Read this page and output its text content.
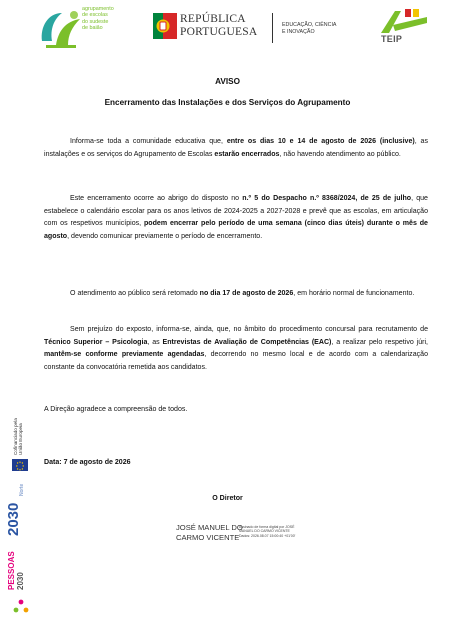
agrupamento
de escolas
do sudeste
de baião
REPÚBLICA
PORTUGUESA
EDUCAÇÃO, CIÊNCIA
E INOVAÇÃO
TEIP
AVISO
Encerramento das Instalações e dos Serviços do Agrupamento

Informa-se toda a comunidade educativa que, entre os dias 10 e 14 de agosto de 2026 (inclusive), as instalações e os serviços do Agrupamento de Escolas estarão encerrados, não havendo atendimento ao público.

Este encerramento ocorre ao abrigo do disposto no n.º 5 do Despacho n.º 8368/2024, de 25 de julho, que estabelece o calendário escolar para os anos letivos de 2024-2025 a 2027-2028 e prevê que as escolas, em articulação com os respetivos municípios, podem encerrar pelo período de uma semana (cinco dias úteis) durante o mês de agosto, devendo comunicar previamente o período de encerramento.

O atendimento ao público será retomado no dia 17 de agosto de 2026, em horário normal de funcionamento.

Sem prejuízo do exposto, informa-se, ainda, que, no âmbito do procedimento concursal para recrutamento de Técnico Superior – Psicologia, as Entrevistas de Avaliação de Competências (EAC), a realizar pelo respetivo júri, mantêm-se conforme previamente agendadas, decorrendo no mesmo local e de acordo com a calendarização constante da convocatória remetida aos candidatos.

A Direção agradece a compreensão de todos.

Data: 7 de agosto de 2026
O Diretor
JOSÉ MANUEL DO
CARMO VICENTE
Assinado de forma digital por JOSÉ
MANUEL DO CARMO VICENTE
Dados: 2026.08.07 15:00:40 +01'00'
Cofinanciado pela União Europeia
2030
Norte
PESSOAS 2030
